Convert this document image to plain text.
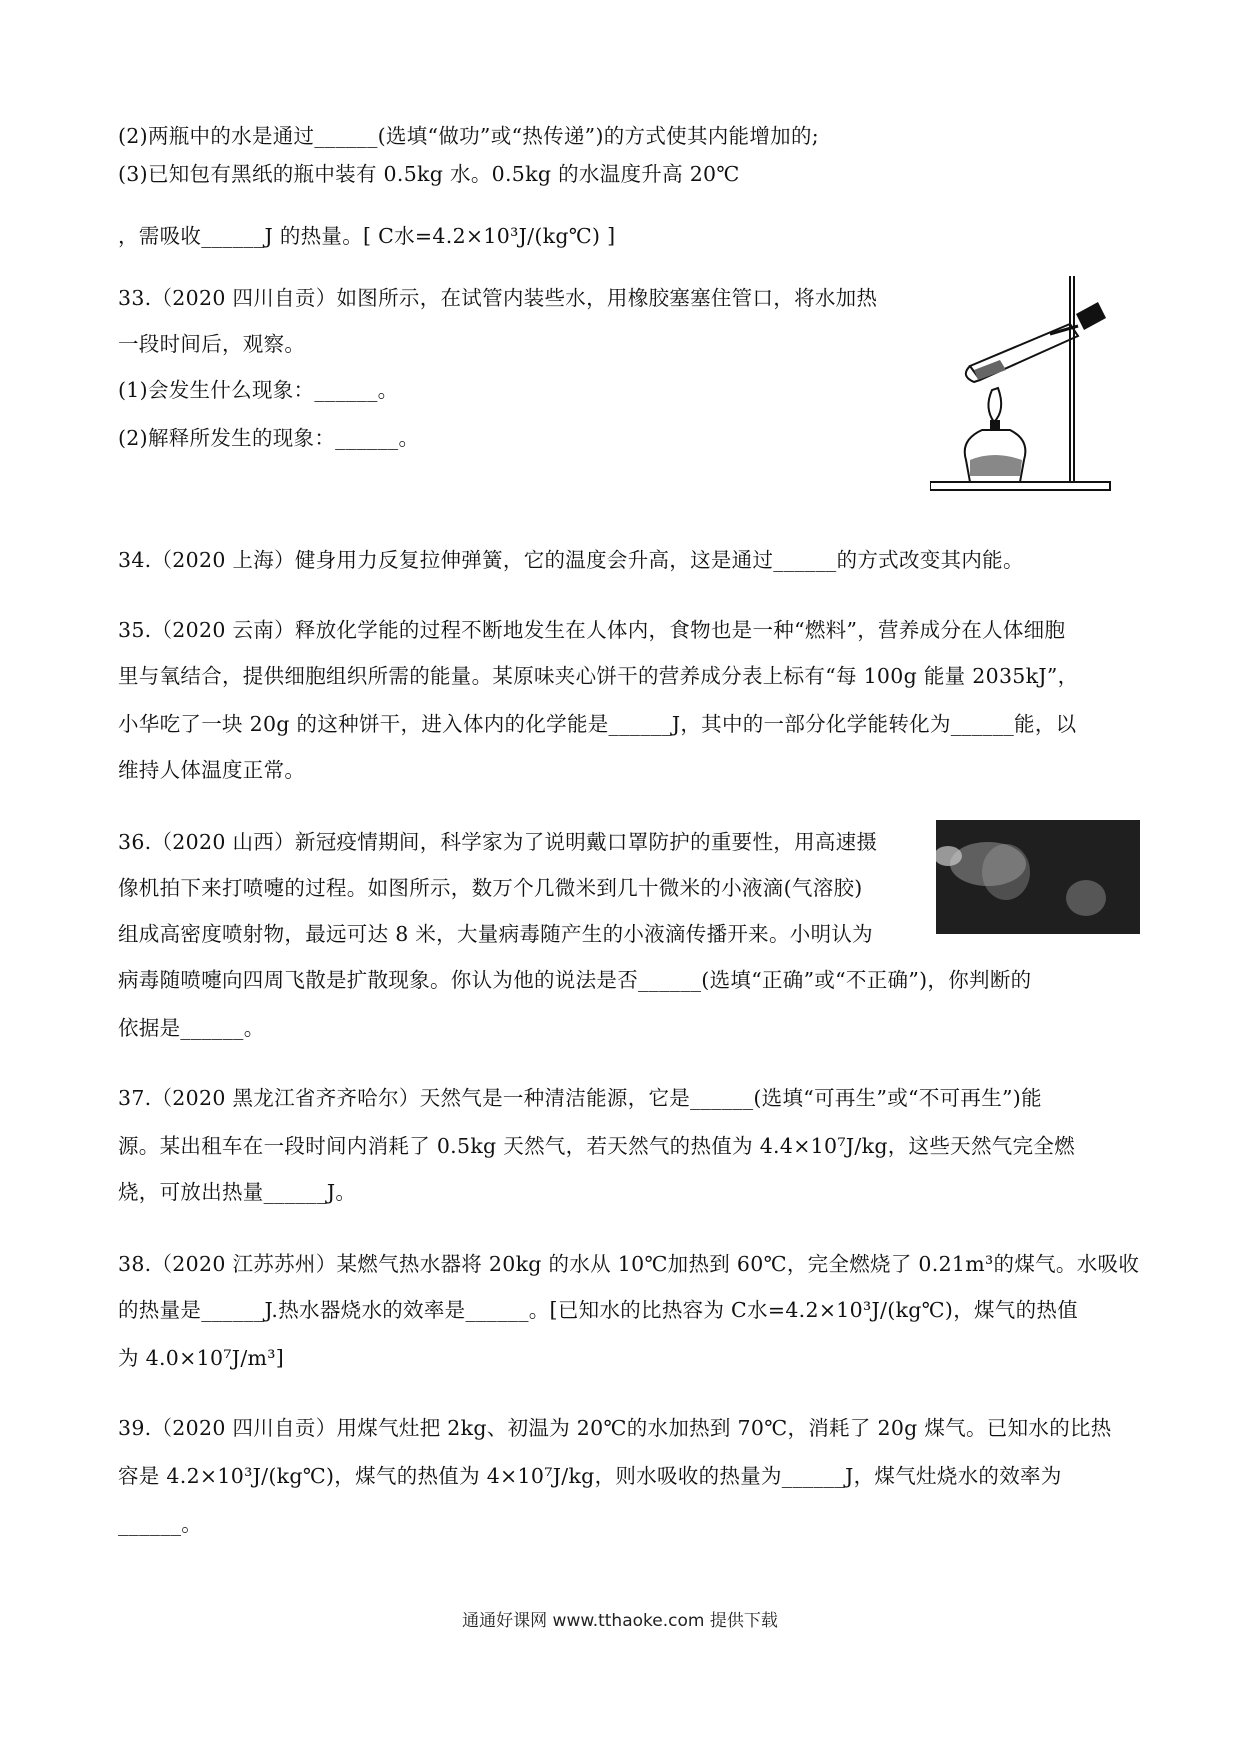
(2)两瓶中的水是通过______(选填“做功”或“热传递”)的方式使其内能增加的;
(3)已知包有黑纸的瓶中装有 0.5kg 水。0.5kg 的水温度升高 20℃
，需吸收______J 的热量。[ C水=4.2×10³J/(kg℃) ]
33.（2020 四川自贡）如图所示，在试管内装些水，用橡胶塞塞住管口，将水加热
一段时间后，观察。
(1)会发生什么现象：______。
(2)解释所发生的现象：______。
34.（2020 上海）健身用力反复拉伸弹簧，它的温度会升高，这是通过______的方式改变其内能。
35.（2020 云南）释放化学能的过程不断地发生在人体内，食物也是一种“燃料”，营养成分在人体细胞
里与氧结合，提供细胞组织所需的能量。某原味夹心饼干的营养成分表上标有“每 100g 能量 2035kJ”，
小华吃了一块 20g 的这种饼干，进入体内的化学能是______J，其中的一部分化学能转化为______能，以
维持人体温度正常。
36.（2020 山西）新冠疫情期间，科学家为了说明戴口罩防护的重要性，用高速摄
像机拍下来打喷嚏的过程。如图所示，数万个几微米到几十微米的小液滴(气溶胶)
组成高密度喷射物，最远可达 8 米，大量病毒随产生的小液滴传播开来。小明认为
病毒随喷嚏向四周飞散是扩散现象。你认为他的说法是否______(选填“正确”或“不正确”)，你判断的
依据是______。
37.（2020 黑龙江省齐齐哈尔）天然气是一种清洁能源，它是______(选填“可再生”或“不可再生”)能
源。某出租车在一段时间内消耗了 0.5kg 天然气，若天然气的热值为 4.4×10⁷J/kg，这些天然气完全燃
烧，可放出热量______J。
38.（2020 江苏苏州）某燃气热水器将 20kg 的水从 10℃加热到 60℃，完全燃烧了 0.21m³的煤气。水吸收
的热量是______J.热水器烧水的效率是______。[已知水的比热容为 C水=4.2×10³J/(kg℃)，煤气的热值
为 4.0×10⁷J/m³]
39.（2020 四川自贡）用煤气灶把 2kg、初温为 20℃的水加热到 70℃，消耗了 20g 煤气。已知水的比热
容是 4.2×10³J/(kg℃)，煤气的热值为 4×10⁷J/kg，则水吸收的热量为______J，煤气灶烧水的效率为
______。
通通好课网 www.tthaoke.com 提供下载
